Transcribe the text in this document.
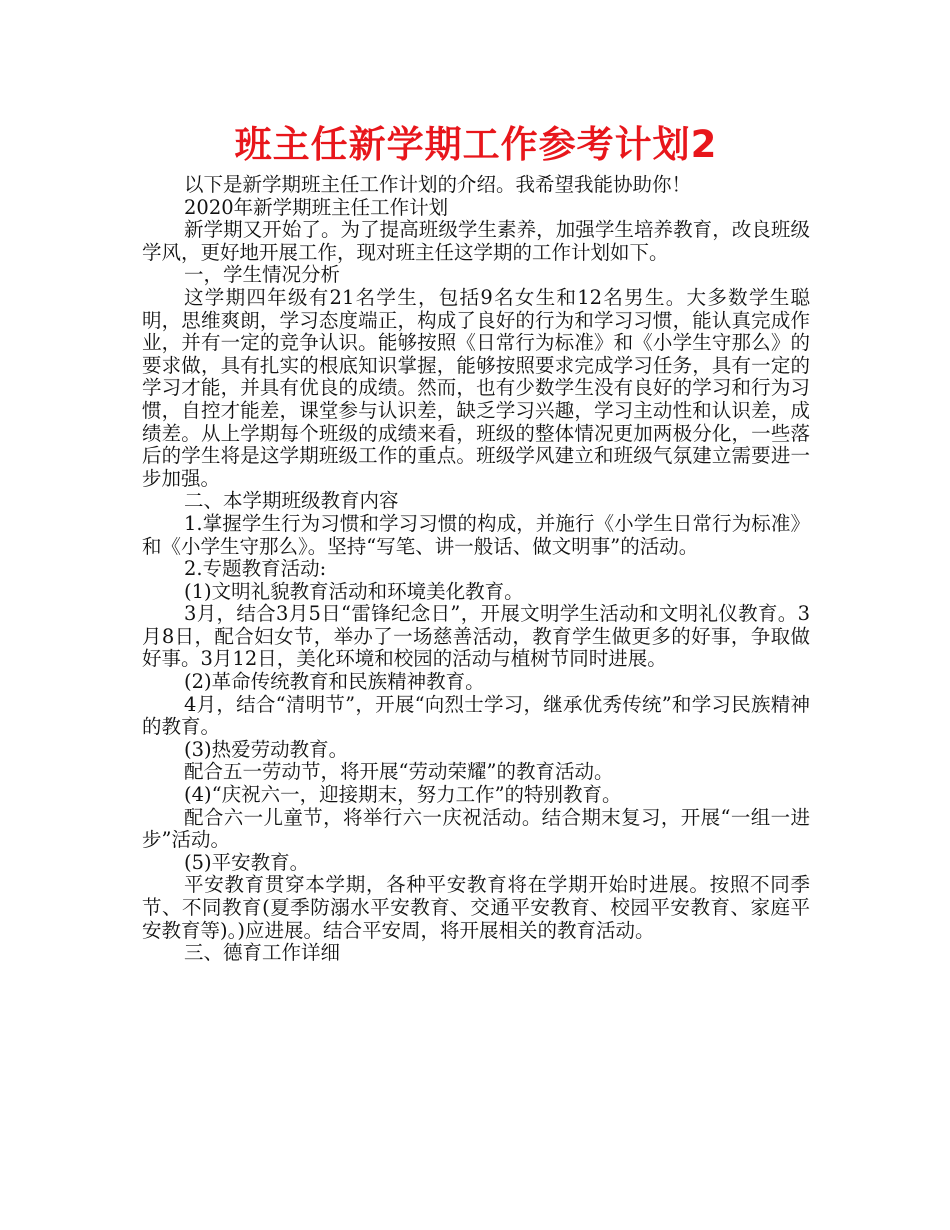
班主任新学期工作参考计划2

以下是新学期班主任工作计划的介绍。我希望我能协助你！

2020年新学期班主任工作计划

新学期又开始了。为了提高班级学生素养，加强学生培养教育，改良班级学风，更好地开展工作，现对班主任这学期的工作计划如下。

一，学生情况分析

这学期四年级有21名学生，包括9名女生和12名男生。大多数学生聪明，思维爽朗，学习态度端正，构成了良好的行为和学习习惯，能认真完成作业，并有一定的竞争认识。能够按照《日常行为标准》和《小学生守那么》的要求做，具有扎实的根底知识掌握，能够按照要求完成学习任务，具有一定的学习才能，并具有优良的成绩。然而，也有少数学生没有良好的学习和行为习惯，自控才能差，课堂参与认识差，缺乏学习兴趣，学习主动性和认识差，成绩差。从上学期每个班级的成绩来看，班级的整体情况更加两极分化，一些落后的学生将是这学期班级工作的重点。班级学风建立和班级气氛建立需要进一步加强。

二、本学期班级教育内容

1.掌握学生行为习惯和学习习惯的构成，并施行《小学生日常行为标准》和《小学生守那么》。坚持“写笔、讲一般话、做文明事”的活动。

2.专题教育活动:

(1)文明礼貌教育活动和环境美化教育。

3月，结合3月5日“雷锋纪念日”，开展文明学生活动和文明礼仪教育。3月8日，配合妇女节，举办了一场慈善活动，教育学生做更多的好事，争取做好事。3月12日，美化环境和校园的活动与植树节同时进展。

(2)革命传统教育和民族精神教育。

4月，结合“清明节”，开展“向烈士学习，继承优秀传统”和学习民族精神的教育。

(3)热爱劳动教育。

配合五一劳动节，将开展“劳动荣耀”的教育活动。

(4)“庆祝六一，迎接期末，努力工作”的特别教育。

配合六一儿童节，将举行六一庆祝活动。结合期末复习，开展“一组一进步”活动。

(5)平安教育。

平安教育贯穿本学期，各种平安教育将在学期开始时进展。按照不同季节、不同教育(夏季防溺水平安教育、交通平安教育、校园平安教育、家庭平安教育等)。)应进展。结合平安周，将开展相关的教育活动。

三、德育工作详细
